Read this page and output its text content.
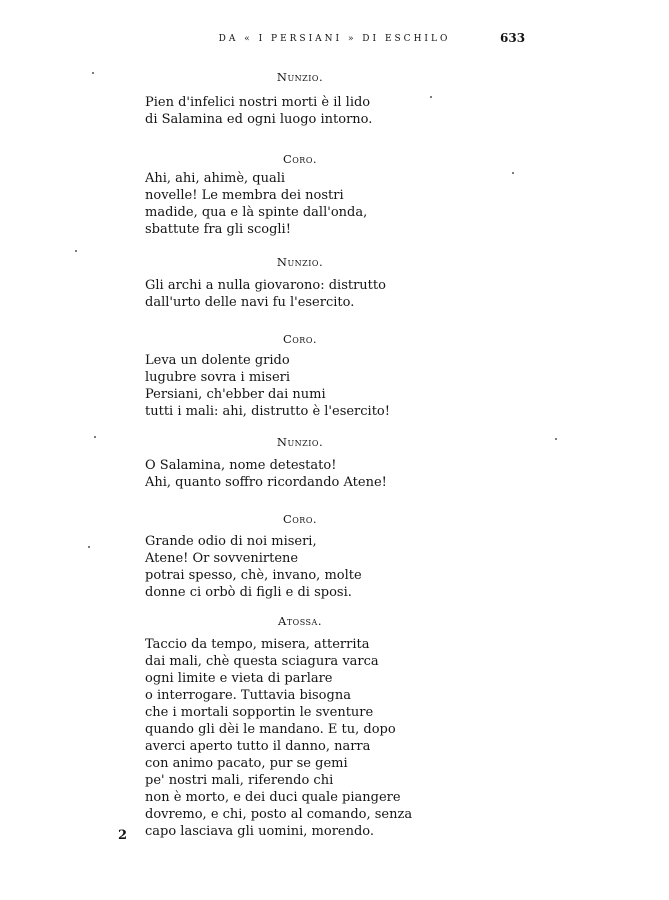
DA « I PERSIANI » DI ESCHILO	633
Nunzio.
Pien d'infelici nostri morti è il lido
di Salamina ed ogni luogo intorno.
Coro.
Ahi, ahi, ahimè, quali
novelle! Le membra dei nostri
madide, qua e là spinte dall'onda,
sbattute fra gli scogli!
Nunzio.
Gli archi a nulla giovarono: distrutto
dall'urto delle navi fu l'esercito.
Coro.
Leva un dolente grido
lugubre sovra i miseri
Persiani, ch'ebber dai numi
tutti i mali: ahi, distrutto è l'esercito!
Nunzio.
O Salamina, nome detestato!
Ahi, quanto soffro ricordando Atene!
Coro.
Grande odio di noi miseri,
Atene! Or sovvenirtene
potrai spesso, chè, invano, molte
donne ci orbò di figli e di sposi.
Atossa.
Taccio da tempo, misera, atterrita
dai mali, chè questa sciagura varca
ogni limite e vieta di parlare
o interrogare. Tuttavia bisogna
che i mortali sopportin le sventure
quando gli dèi le mandano. E tu, dopo
averci aperto tutto il danno, narra
con animo pacato, pur se gemi
pe' nostri mali, riferendo chi
non è morto, e dei duci quale piangere
dovremo, e chi, posto al comando, senza
capo lasciava gli uomini, morendo.
2
